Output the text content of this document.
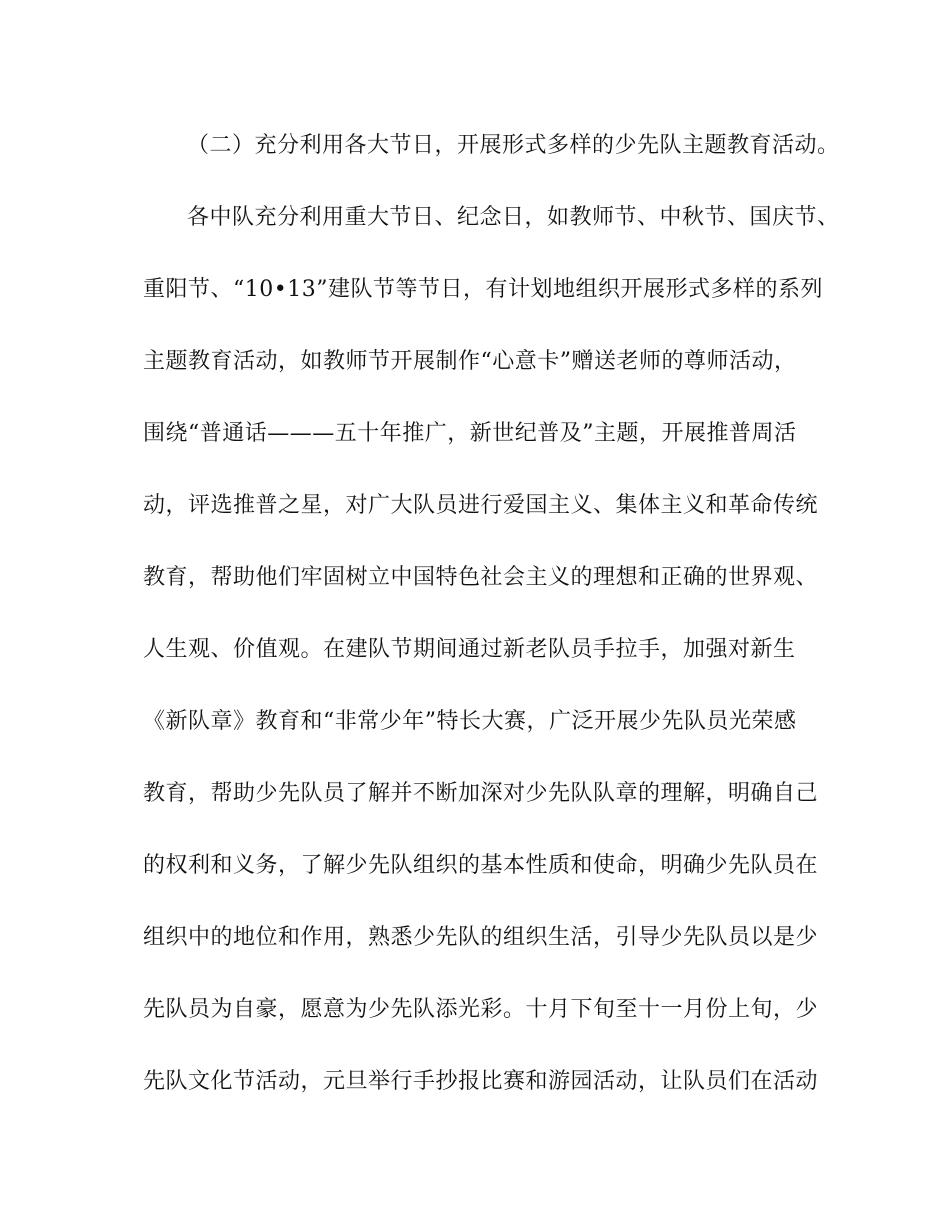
（二）充分利用各大节日，开展形式多样的少先队主题教育活动。
各中队充分利用重大节日、纪念日，如教师节、中秋节、国庆节、
重阳节、“10•13”建队节等节日，有计划地组织开展形式多样的系列
主题教育活动，如教师节开展制作“心意卡”赠送老师的尊师活动，
围绕“普通话———五十年推广，新世纪普及”主题，开展推普周活
动，评选推普之星，对广大队员进行爱国主义、集体主义和革命传统
教育，帮助他们牢固树立中国特色社会主义的理想和正确的世界观、
人生观、价值观。在建队节期间通过新老队员手拉手，加强对新生
《新队章》教育和“非常少年”特长大赛，广泛开展少先队员光荣感
教育，帮助少先队员了解并不断加深对少先队队章的理解，明确自己
的权利和义务，了解少先队组织的基本性质和使命，明确少先队员在
组织中的地位和作用，熟悉少先队的组织生活，引导少先队员以是少
先队员为自豪，愿意为少先队添光彩。十月下旬至十一月份上旬，少
先队文化节活动，元旦举行手抄报比赛和游园活动，让队员们在活动
